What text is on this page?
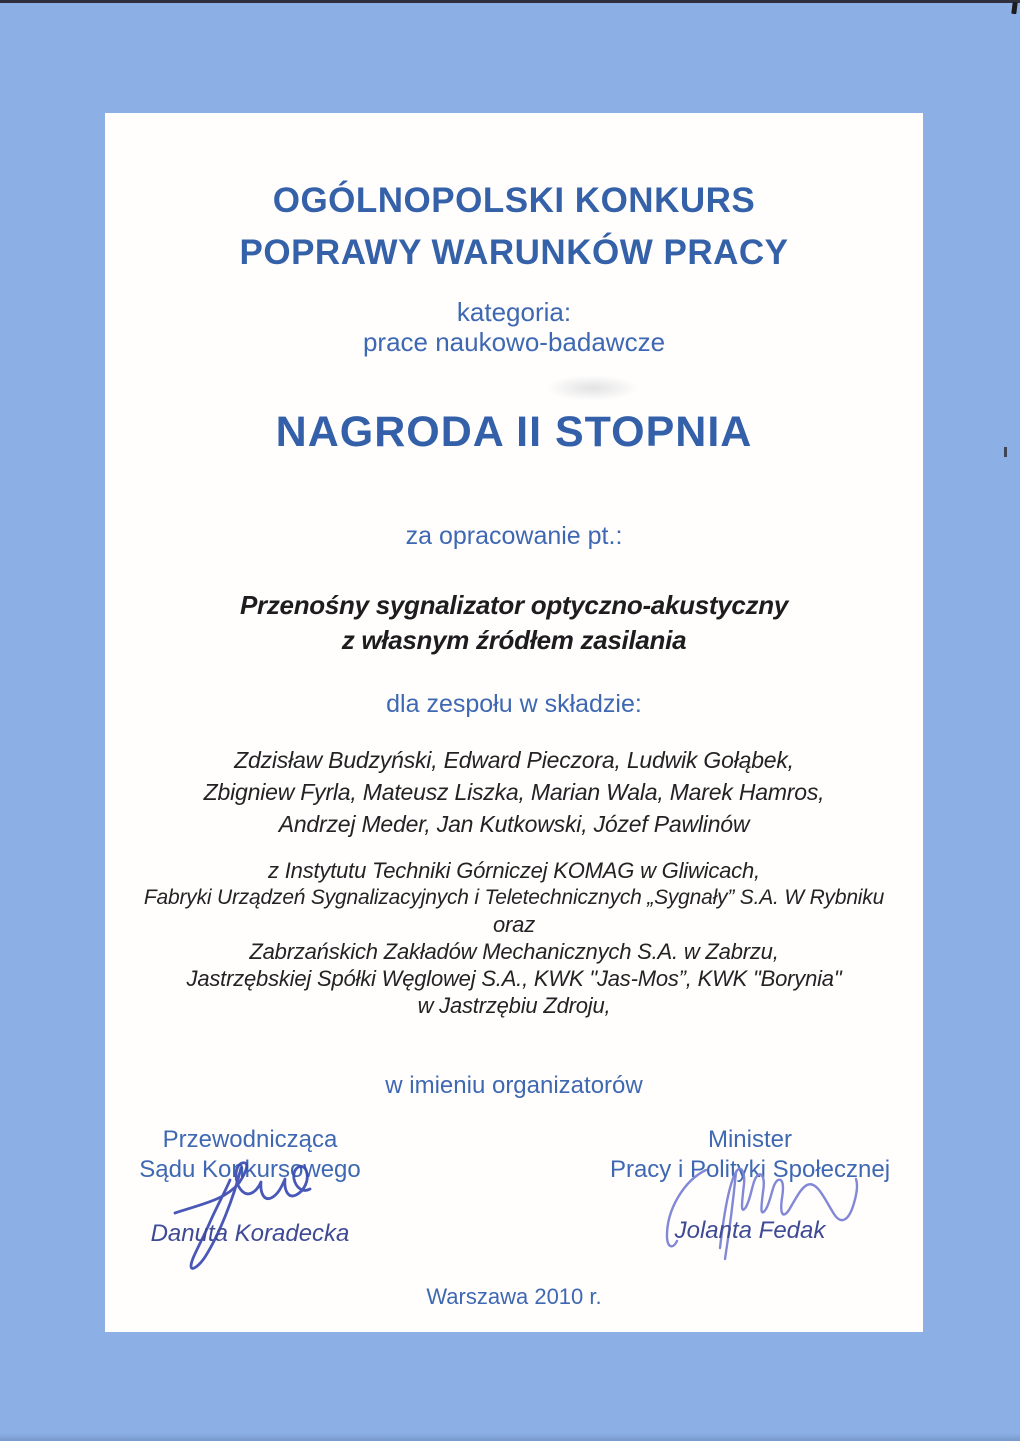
OGÓLNOPOLSKI KONKURS
POPRAWY WARUNKÓW PRACY
kategoria:
prace naukowo-badawcze
NAGRODA II STOPNIA
za opracowanie pt.:
Przenośny sygnalizator optyczno-akustyczny
z własnym źródłem zasilania
dla zespołu w składzie:
Zdzisław Budzyński, Edward Pieczora, Ludwik Gołąbek,
Zbigniew Fyrla, Mateusz Liszka, Marian Wala, Marek Hamros,
Andrzej Meder, Jan Kutkowski, Józef Pawlinów
z Instytutu Techniki Górniczej KOMAG w Gliwicach,
Fabryki Urządzeń Sygnalizacyjnych i Teletechnicznych „Sygnały” S.A. W Rybniku
oraz
Zabrzańskich Zakładów Mechanicznych S.A. w Zabrzu,
Jastrzębskiej Spółki Węglowej S.A., KWK "Jas-Mos”, KWK "Borynia"
w Jastrzębiu Zdroju,
w imieniu organizatorów
Przewodnicząca
Sądu Konkursowego
Danuta Koradecka
Minister
Pracy i Polityki Społecznej
Jolanta Fedak
Warszawa 2010 r.
